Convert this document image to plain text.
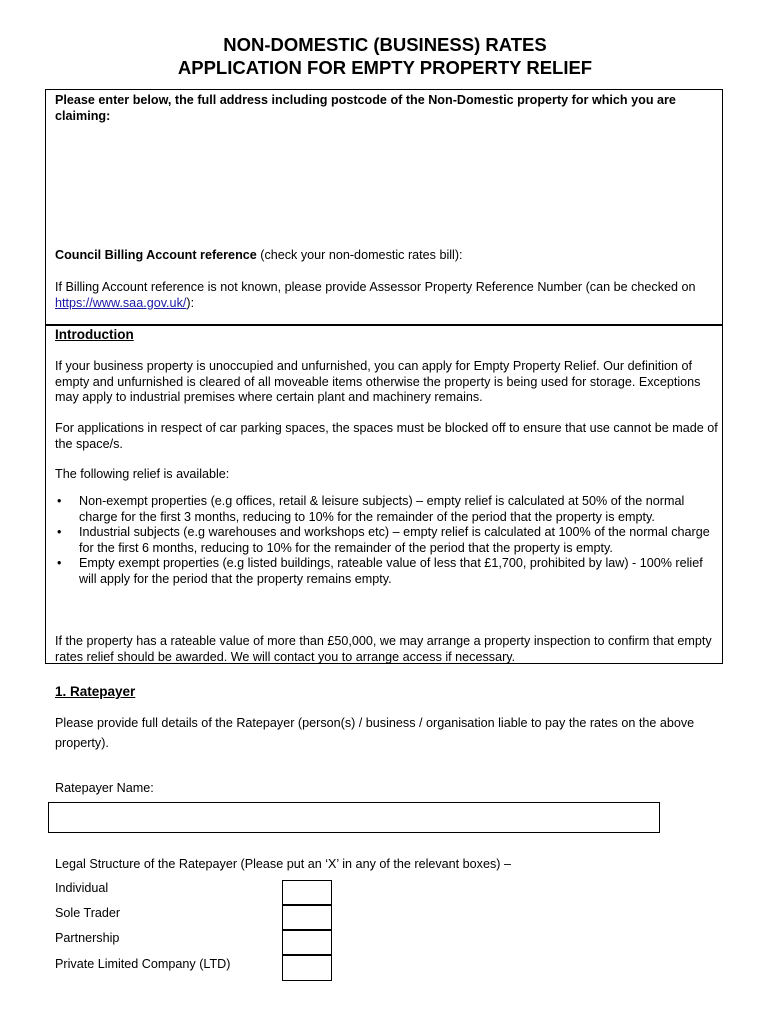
NON-DOMESTIC (BUSINESS) RATES
APPLICATION FOR EMPTY PROPERTY RELIEF
Please enter below, the full address including postcode of the Non-Domestic property for which you are claiming:
Council Billing Account reference (check your non-domestic rates bill):
If Billing Account reference is not known, please provide Assessor Property Reference Number (can be checked on https://www.saa.gov.uk/):
Introduction
If your business property is unoccupied and unfurnished, you can apply for Empty Property Relief. Our definition of empty and unfurnished is cleared of all moveable items otherwise the property is being used for storage. Exceptions may apply to industrial premises where certain plant and machinery remains.
For applications in respect of car parking spaces, the spaces must be blocked off to ensure that use cannot be made of the space/s.
The following relief is available:
• Non-exempt properties (e.g offices, retail & leisure subjects) – empty relief is calculated at 50% of the normal charge for the first 3 months, reducing to 10% for the remainder of the period that the property is empty.
• Industrial subjects (e.g warehouses and workshops etc) – empty relief is calculated at 100% of the normal charge for the first 6 months, reducing to 10% for the remainder of the period that the property is empty.
• Empty exempt properties (e.g listed buildings, rateable value of less that £1,700, prohibited by law) - 100% relief will apply for the period that the property remains empty.
If the property has a rateable value of more than £50,000, we may arrange a property inspection to confirm that empty rates relief should be awarded. We will contact you to arrange access if necessary.
1. Ratepayer
Please provide full details of the Ratepayer (person(s) / business / organisation liable to pay the rates on the above property).
Ratepayer Name:
Legal Structure of the Ratepayer (Please put an ‘X’ in any of the relevant boxes) –
Individual
Sole Trader
Partnership
Private Limited Company (LTD)
